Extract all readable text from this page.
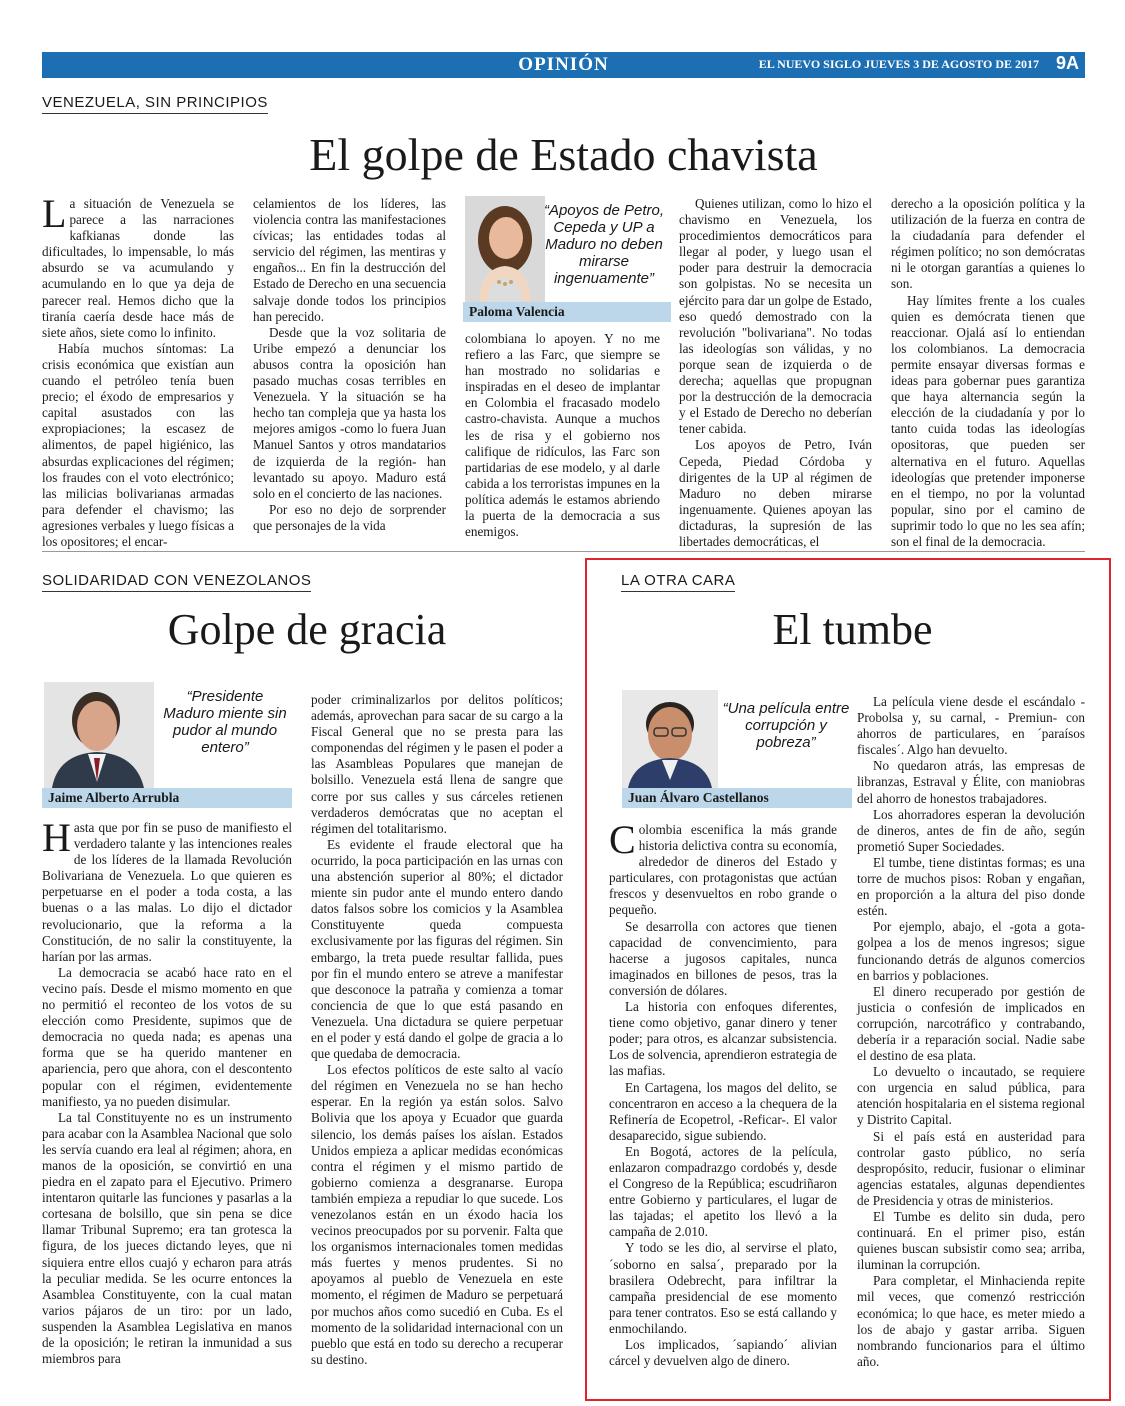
OPINIÓN	EL NUEVO SIGLO JUEVES 3 DE AGOSTO DE 2017 9A
VENEZUELA, SIN PRINCIPIOS
El golpe de Estado chavista

La situación de Venezuela se parece a las narraciones kafkianas donde las dificultades, lo impensable, lo más absurdo se va acumulando y acumulando en lo que ya deja de parecer real. Hemos dicho que la tiranía caería desde hace más de siete años, siete como lo infinito.

Había muchos síntomas: La crisis económica que existían aun cuando el petróleo tenía buen precio; el éxodo de empresarios y capital asustados con las expropiaciones; la escasez de alimentos, de papel higiénico, las absurdas explicaciones del régimen; los fraudes con el voto electrónico; las milicias bolivarianas armadas para defender el chavismo; las agresiones verbales y luego físicas a los opositores; el encar-

celamientos de los líderes, las violencia contra las manifestaciones cívicas; las entidades todas al servicio del régimen, las mentiras y engaños... En fin la destrucción del Estado de Derecho en una secuencia salvaje donde todos los principios han perecido.

Desde que la voz solitaria de Uribe empezó a denunciar los abusos contra la oposición han pasado muchas cosas terribles en Venezuela. Y la situación se ha hecho tan compleja que ya hasta los mejores amigos -como lo fuera Juan Manuel Santos y otros mandatarios de izquierda de la región- han levantado su apoyo. Maduro está solo en el concierto de las naciones.

Por eso no dejo de sorprender que personajes de la vida

“Apoyos de Petro, Cepeda y UP a Maduro no deben mirarse ingenuamente”
Paloma Valencia

colombiana lo apoyen. Y no me refiero a las Farc, que siempre se han mostrado no solidarias e inspiradas en el deseo de implantar en Colombia el fracasado modelo castro-chavista. Aunque a muchos les de risa y el gobierno nos califique de ridículos, las Farc son partidarias de ese modelo, y al darle cabida a los terroristas impunes en la política además le estamos abriendo la puerta de la democracia a sus enemigos.

Quienes utilizan, como lo hizo el chavismo en Venezuela, los procedimientos democráticos para llegar al poder, y luego usan el poder para destruir la democracia son golpistas. No se necesita un ejército para dar un golpe de Estado, eso quedó demostrado con la revolución "bolivariana". No todas las ideologías son válidas, y no porque sean de izquierda o de derecha; aquellas que propugnan por la destrucción de la democracia y el Estado de Derecho no deberían tener cabida.

Los apoyos de Petro, Iván Cepeda, Piedad Córdoba y dirigentes de la UP al régimen de Maduro no deben mirarse ingenuamente. Quienes apoyan las dictaduras, la supresión de las libertades democráticas, el

derecho a la oposición política y la utilización de la fuerza en contra de la ciudadanía para defender el régimen político; no son demócratas ni le otorgan garantías a quienes lo son.

Hay límites frente a los cuales quien es demócrata tienen que reaccionar. Ojalá así lo entiendan los colombianos. La democracia permite ensayar diversas formas e ideas para gobernar pues garantiza que haya alternancia según la elección de la ciudadanía y por lo tanto cuida todas las ideologías opositoras, que pueden ser alternativa en el futuro. Aquellas ideologías que pretender imponerse en el tiempo, no por la voluntad popular, sino por el camino de suprimir todo lo que no les sea afín; son el final de la democracia.

SOLIDARIDAD CON VENEZOLANOS
Golpe de gracia
“Presidente Maduro miente sin pudor al mundo entero”
Jaime Alberto Arrubla

Hasta que por fin se puso de manifiesto el verdadero talante y las intenciones reales de los líderes de la llamada Revolución Bolivariana de Venezuela. Lo que quieren es perpetuarse en el poder a toda costa, a las buenas o a las malas. Lo dijo el dictador revolucionario, que la reforma a la Constitución, de no salir la constituyente, la harían por las armas.

La democracia se acabó hace rato en el vecino país. Desde el mismo momento en que no permitió el reconteo de los votos de su elección como Presidente, supimos que de democracia no queda nada; es apenas una forma que se ha querido mantener en apariencia, pero que ahora, con el descontento popular con el régimen, evidentemente manifiesto, ya no pueden disimular.

La tal Constituyente no es un instrumento para acabar con la Asamblea Nacional que solo les servía cuando era leal al régimen; ahora, en manos de la oposición, se convirtió en una piedra en el zapato para el Ejecutivo. Primero intentaron quitarle las funciones y pasarlas a la cortesana de bolsillo, que sin pena se dice llamar Tribunal Supremo; era tan grotesca la figura, de los jueces dictando leyes, que ni siquiera entre ellos cuajó y echaron para atrás la peculiar medida. Se les ocurre entonces la Asamblea Constituyente, con la cual matan varios pájaros de un tiro: por un lado, suspenden la Asamblea Legislativa en manos de la oposición; le retiran la inmunidad a sus miembros para

poder criminalizarlos por delitos políticos; además, aprovechan para sacar de su cargo a la Fiscal General que no se presta para las componendas del régimen y le pasen el poder a las Asambleas Populares que manejan de bolsillo. Venezuela está llena de sangre que corre por sus calles y sus cárceles retienen verdaderos demócratas que no aceptan el régimen del totalitarismo.

Es evidente el fraude electoral que ha ocurrido, la poca participación en las urnas con una abstención superior al 80%; el dictador miente sin pudor ante el mundo entero dando datos falsos sobre los comicios y la Asamblea Constituyente queda compuesta exclusivamente por las figuras del régimen. Sin embargo, la treta puede resultar fallida, pues por fin el mundo entero se atreve a manifestar que desconoce la patraña y comienza a tomar conciencia de que lo que está pasando en Venezuela. Una dictadura se quiere perpetuar en el poder y está dando el golpe de gracia a lo que quedaba de democracia.

Los efectos políticos de este salto al vacío del régimen en Venezuela no se han hecho esperar. En la región ya están solos. Salvo Bolivia que los apoya y Ecuador que guarda silencio, los demás países los aíslan. Estados Unidos empieza a aplicar medidas económicas contra el régimen y el mismo partido de gobierno comienza a desgranarse. Europa también empieza a repudiar lo que sucede. Los venezolanos están en un éxodo hacia los vecinos preocupados por su porvenir. Falta que los organismos internacionales tomen medidas más fuertes y menos prudentes. Si no apoyamos al pueblo de Venezuela en este momento, el régimen de Maduro se perpetuará por muchos años como sucedió en Cuba. Es el momento de la solidaridad internacional con un pueblo que está en todo su derecho a recuperar su destino.

LA OTRA CARA
El tumbe
“Una película entre corrupción y pobreza”
Juan Álvaro Castellanos

Colombia escenifica la más grande historia delictiva contra su economía, alrededor de dineros del Estado y particulares, con protagonistas que actúan frescos y desenvueltos en robo grande o pequeño.

Se desarrolla con actores que tienen capacidad de convencimiento, para hacerse a jugosos capitales, nunca imaginados en billones de pesos, tras la conversión de dólares.

La historia con enfoques diferentes, tiene como objetivo, ganar dinero y tener poder; para otros, es alcanzar subsistencia. Los de solvencia, aprendieron estrategia de las mafias.

En Cartagena, los magos del delito, se concentraron en acceso a la chequera de la Refinería de Ecopetrol, -Reficar-. El valor desaparecido, sigue subiendo.

En Bogotá, actores de la película, enlazaron compadrazgo cordobés y, desde el Congreso de la República; escudriñaron entre Gobierno y particulares, el lugar de las tajadas; el apetito los llevó a la campaña de 2.010.

Y todo se les dio, al servirse el plato, ´soborno en salsa´, preparado por la brasilera Odebrecht, para infiltrar la campaña presidencial de ese momento para tener contratos. Eso se está callando y enmochilando.

Los implicados, ´sapiando´ alivian cárcel y devuelven algo de dinero.

La película viene desde el escándalo - Probolsa y, su carnal, - Premiun- con ahorros de particulares, en ´paraísos fiscales´. Algo han devuelto.

No quedaron atrás, las empresas de libranzas, Estraval y Élite, con maniobras del ahorro de honestos trabajadores.

Los ahorradores esperan la devolución de dineros, antes de fin de año, según prometió Super Sociedades.

El tumbe, tiene distintas formas; es una torre de muchos pisos: Roban y engañan, en proporción a la altura del piso donde estén.

Por ejemplo, abajo, el -gota a gota- golpea a los de menos ingresos; sigue funcionando detrás de algunos comercios en barrios y poblaciones.

El dinero recuperado por gestión de justicia o confesión de implicados en corrupción, narcotráfico y contrabando, debería ir a reparación social. Nadie sabe el destino de esa plata.

Lo devuelto o incautado, se requiere con urgencia en salud pública, para atención hospitalaria en el sistema regional y Distrito Capital.

Si el país está en austeridad para controlar gasto público, no sería despropósito, reducir, fusionar o eliminar agencias estatales, algunas dependientes de Presidencia y otras de ministerios.

El Tumbe es delito sin duda, pero continuará. En el primer piso, están quienes buscan subsistir como sea; arriba, iluminan la corrupción.

Para completar, el Minhacienda repite mil veces, que comenzó restricción económica; lo que hace, es meter miedo a los de abajo y gastar arriba. Siguen nombrando funcionarios para el último año.
